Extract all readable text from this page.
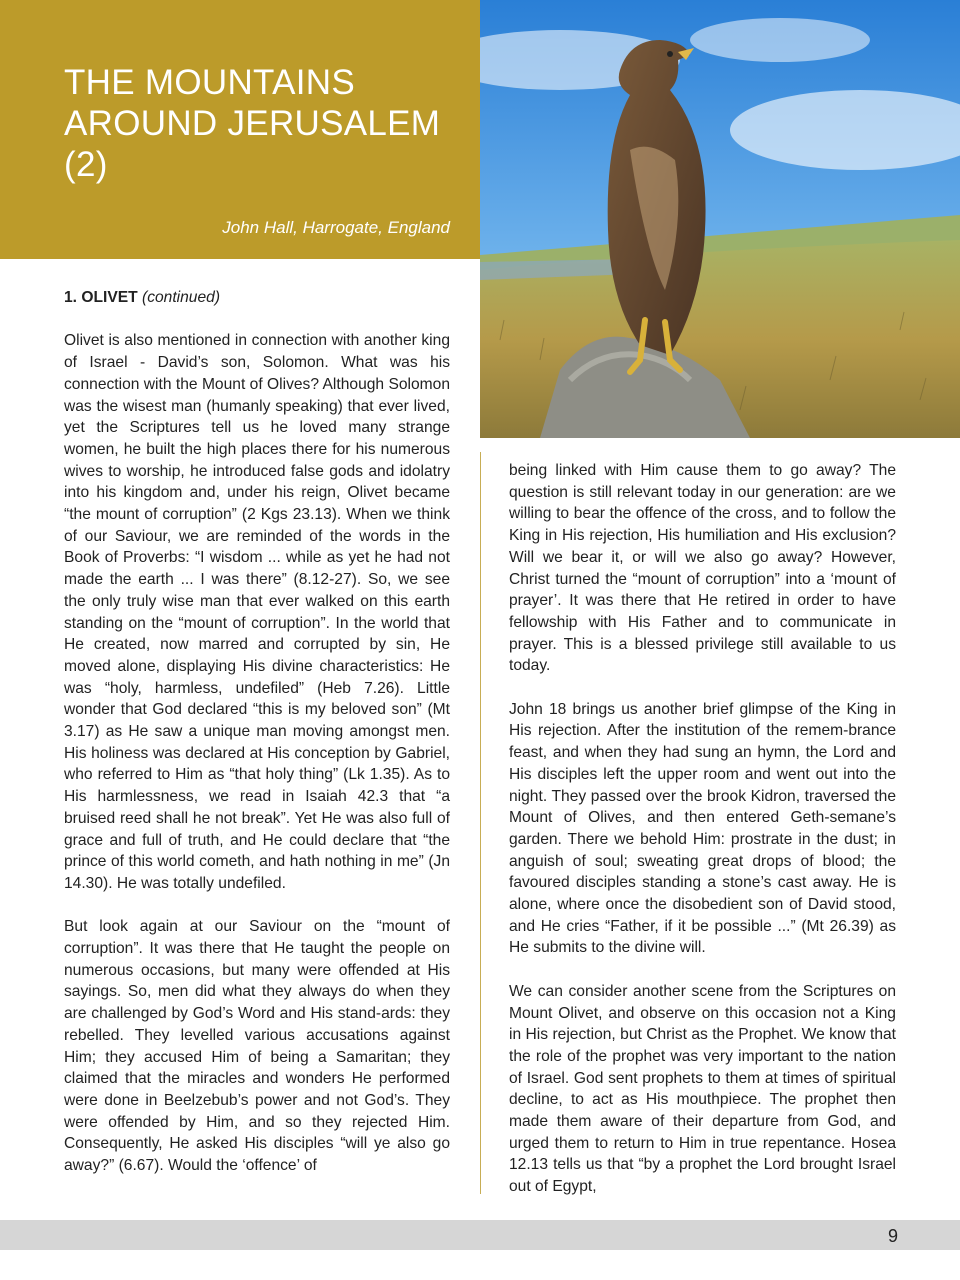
THE MOUNTAINS AROUND JERUSALEM (2)
John Hall, Harrogate, England

1. OLIVET (continued)

Olivet is also mentioned in connection with another king of Israel - David’s son, Solomon. What was his connection with the Mount of Olives? Although Solomon was the wisest man (humanly speaking) that ever lived, yet the Scriptures tell us he loved many strange women, he built the high places there for his numerous wives to worship, he introduced false gods and idolatry into his kingdom and, under his reign, Olivet became “the mount of corruption” (2 Kgs 23.13). When we think of our Saviour, we are reminded of the words in the Book of Proverbs: “I wisdom ... while as yet he had not made the earth ... I was there” (8.12-27). So, we see the only truly wise man that ever walked on this earth standing on the “mount of corruption”. In the world that He created, now marred and corrupted by sin, He moved alone, displaying His divine characteristics: He was “holy, harmless, undefiled” (Heb 7.26). Little wonder that God declared “this is my beloved son” (Mt 3.17) as He saw a unique man moving amongst men. His holiness was declared at His conception by Gabriel, who referred to Him as “that holy thing” (Lk 1.35). As to His harmlessness, we read in Isaiah 42.3 that “a bruised reed shall he not break”. Yet He was also full of grace and full of truth, and He could declare that “the prince of this world cometh, and hath nothing in me” (Jn 14.30). He was totally undefiled.

But look again at our Saviour on the “mount of corruption”. It was there that He taught the people on numerous occasions, but many were offended at His sayings. So, men did what they always do when they are challenged by God’s Word and His stand-ards: they rebelled. They levelled various accusations against Him; they accused Him of being a Samaritan; they claimed that the miracles and wonders He performed were done in Beelzebub’s power and not God’s. They were offended by Him, and so they rejected Him. Consequently, He asked His disciples “will ye also go away?” (6.67). Would the ‘offence’ of

being linked with Him cause them to go away? The question is still relevant today in our generation: are we willing to bear the offence of the cross, and to follow the King in His rejection, His humiliation and His exclusion? Will we bear it, or will we also go away? However, Christ turned the “mount of corruption” into a ‘mount of prayer’. It was there that He retired in order to have fellowship with His Father and to communicate in prayer. This is a blessed privilege still available to us today.

John 18 brings us another brief glimpse of the King in His rejection. After the institution of the remem-brance feast, and when they had sung an hymn, the Lord and His disciples left the upper room and went out into the night. They passed over the brook Kidron, traversed the Mount of Olives, and then entered Geth-semane’s garden. There we behold Him: prostrate in the dust; in anguish of soul; sweating great drops of blood; the favoured disciples standing a stone’s cast away. He is alone, where once the disobedient son of David stood, and He cries “Father, if it be possible ...” (Mt 26.39) as He submits to the divine will.

We can consider another scene from the Scriptures on Mount Olivet, and observe on this occasion not a King in His rejection, but Christ as the Prophet. We know that the role of the prophet was very important to the nation of Israel. God sent prophets to them at times of spiritual decline, to act as His mouthpiece. The prophet then made them aware of their departure from God, and urged them to return to Him in true repentance. Hosea 12.13 tells us that “by a prophet the Lord brought Israel out of Egypt,

9
